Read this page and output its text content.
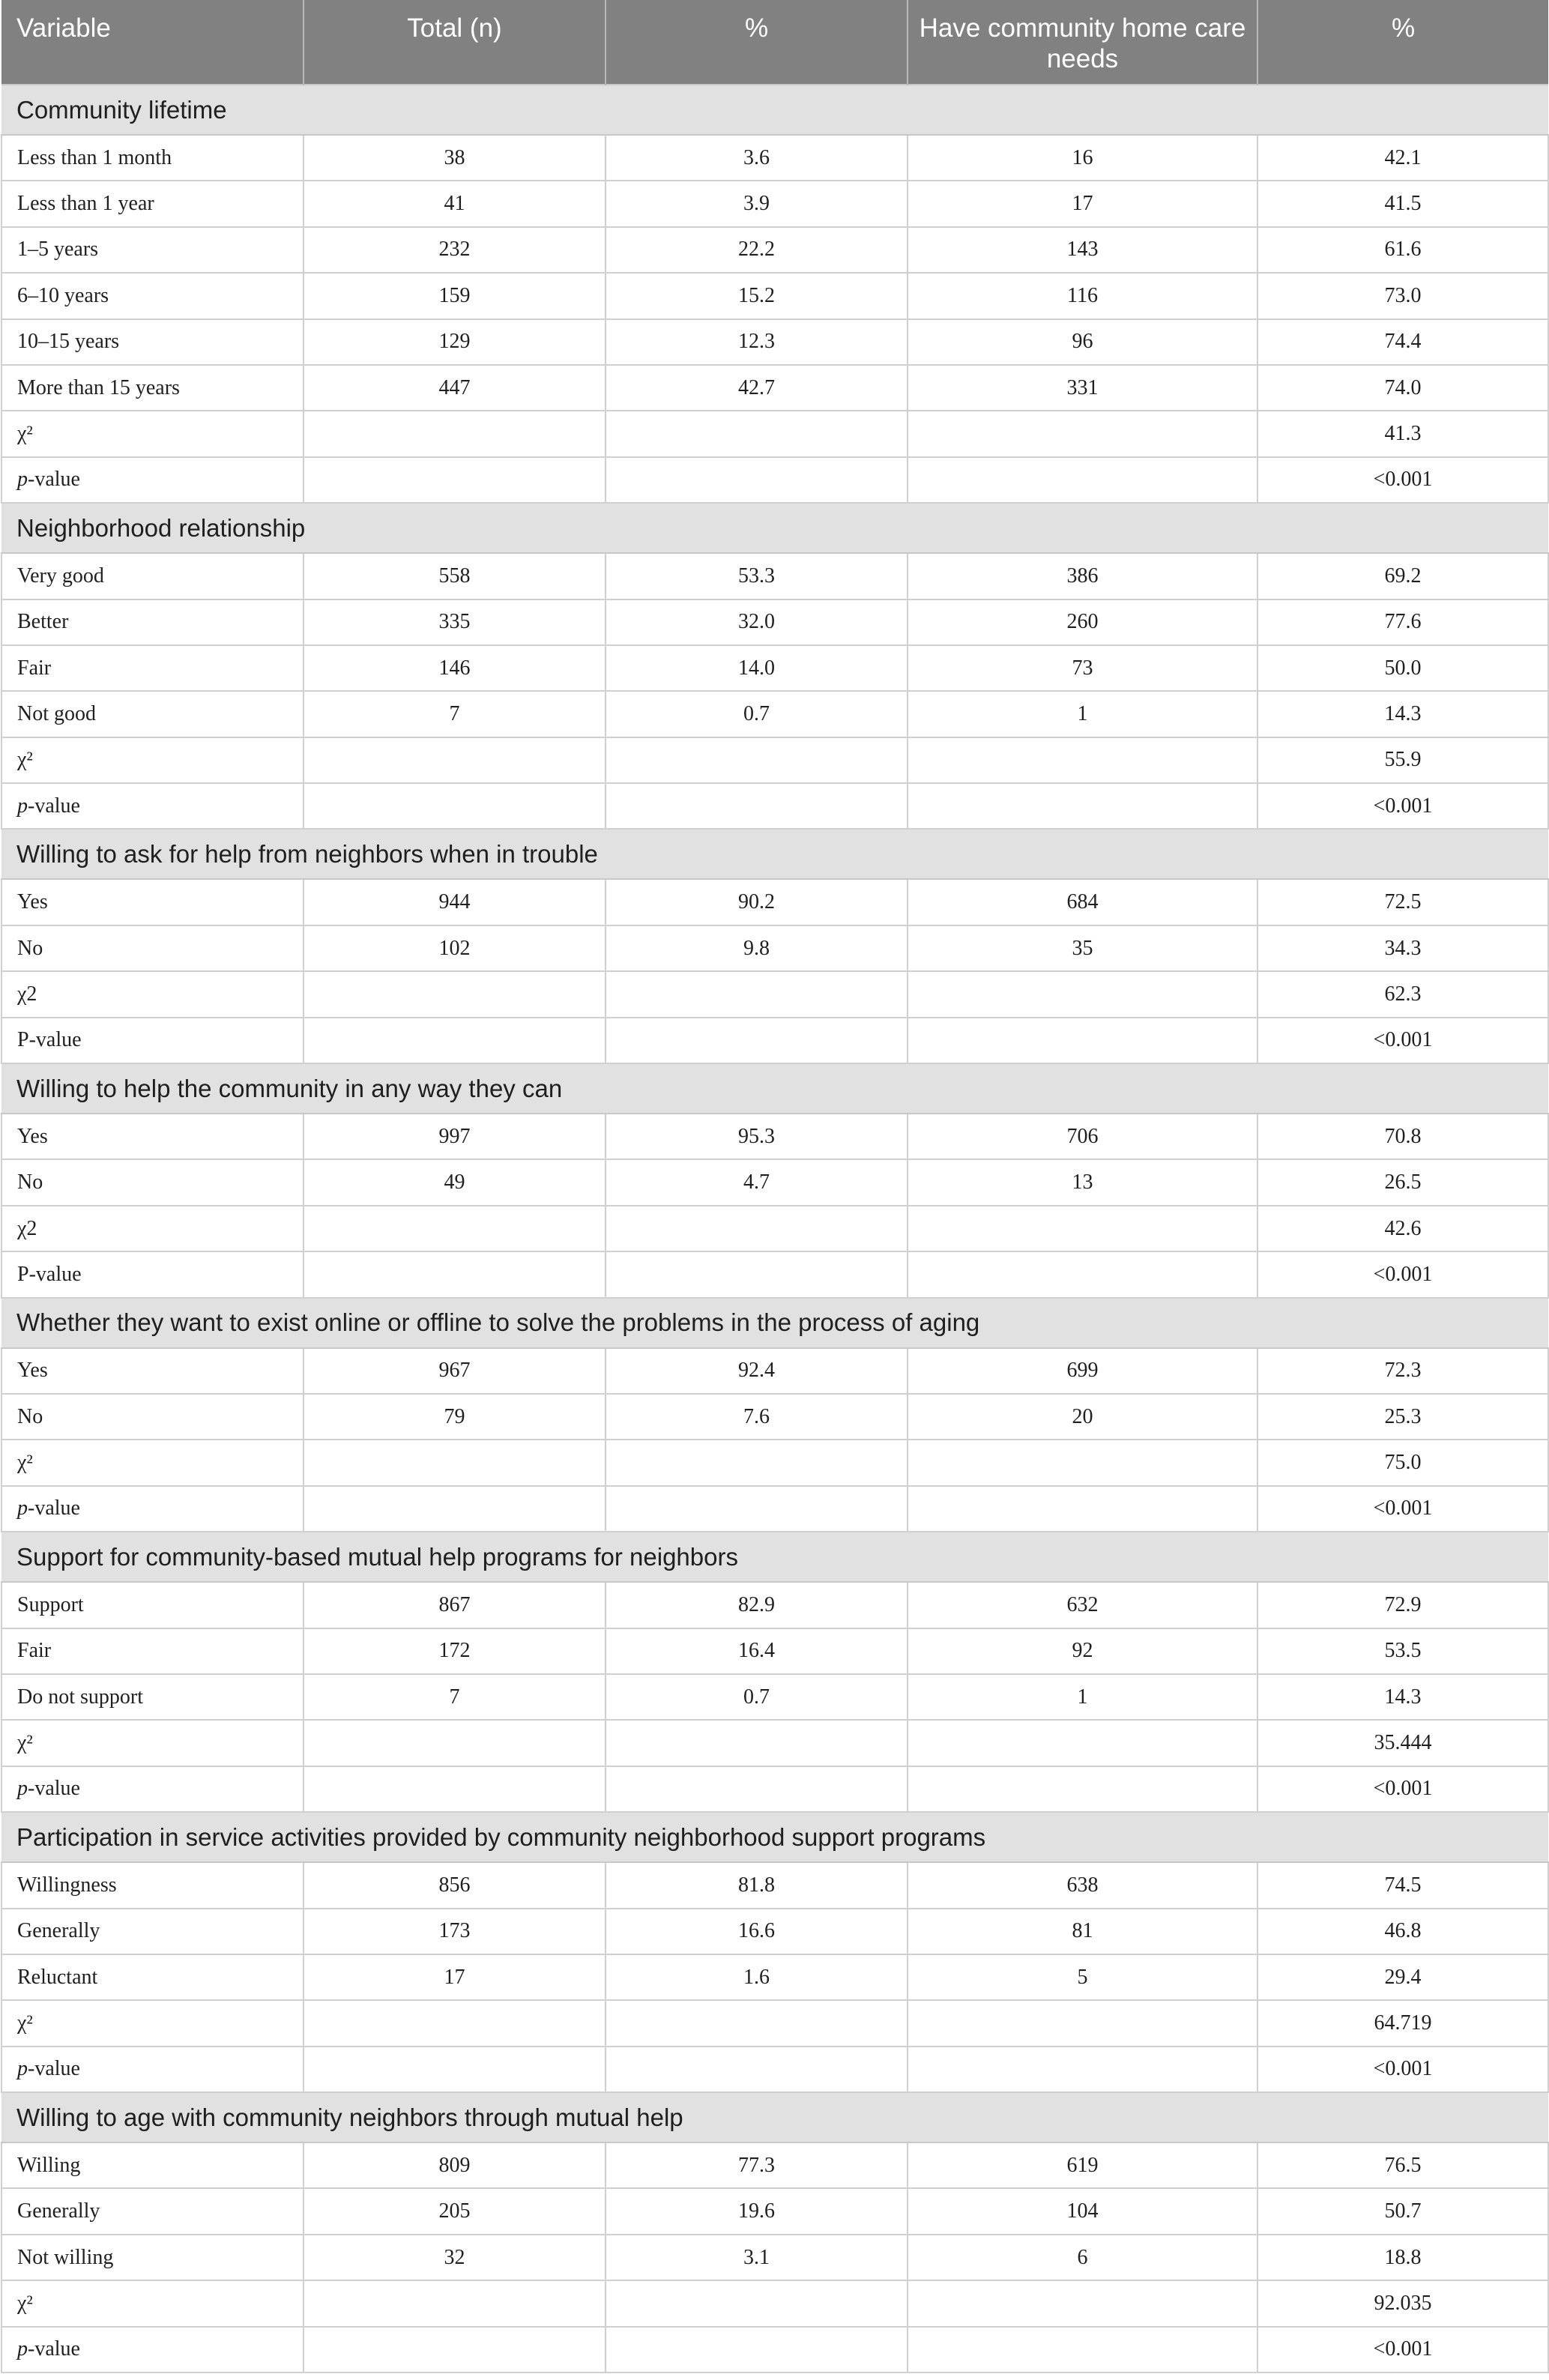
Variable	Total (n)	%	Have community home care needs	%
Community lifetime				
Less than 1 month	38	3.6	16	42.1
Less than 1 year	41	3.9	17	41.5
1–5 years	232	22.2	143	61.6
6–10 years	159	15.2	116	73.0
10–15 years	129	12.3	96	74.4
More than 15 years	447	42.7	331	74.0
χ²				41.3
p-value				<0.001
Neighborhood relationship				
Very good	558	53.3	386	69.2
Better	335	32.0	260	77.6
Fair	146	14.0	73	50.0
Not good	7	0.7	1	14.3
χ²				55.9
p-value				<0.001
Willing to ask for help from neighbors when in trouble				
Yes	944	90.2	684	72.5
No	102	9.8	35	34.3
χ2				62.3
P-value				<0.001
Willing to help the community in any way they can				
Yes	997	95.3	706	70.8
No	49	4.7	13	26.5
χ2				42.6
P-value				<0.001
Whether they want to exist online or offline to solve the problems in the process of aging				
Yes	967	92.4	699	72.3
No	79	7.6	20	25.3
χ²				75.0
p-value				<0.001
Support for community-based mutual help programs for neighbors				
Support	867	82.9	632	72.9
Fair	172	16.4	92	53.5
Do not support	7	0.7	1	14.3
χ²				35.444
p-value				<0.001
Participation in service activities provided by community neighborhood support programs				
Willingness	856	81.8	638	74.5
Generally	173	16.6	81	46.8
Reluctant	17	1.6	5	29.4
χ²				64.719
p-value				<0.001
Willing to age with community neighbors through mutual help				
Willing	809	77.3	619	76.5
Generally	205	19.6	104	50.7
Not willing	32	3.1	6	18.8
χ²				92.035
p-value				<0.001
